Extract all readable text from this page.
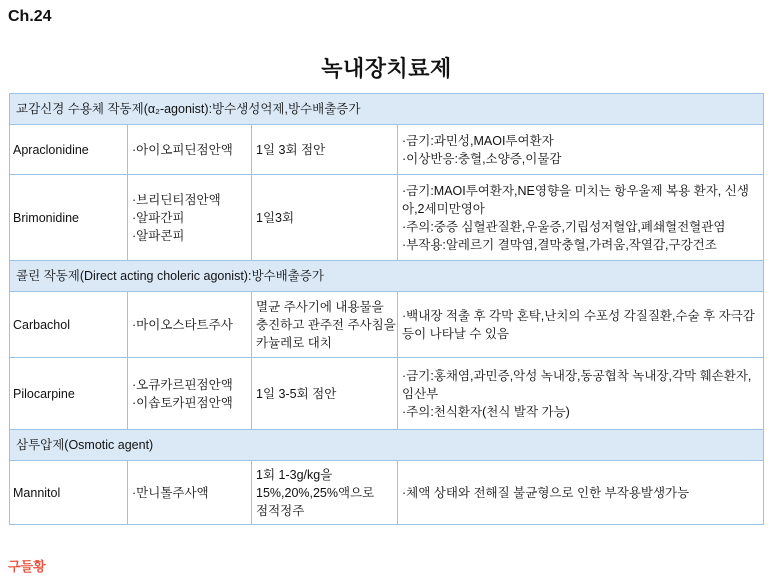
Ch.24
녹내장치료제
교감신경 수용체 작동제(α₂-agonist):방수생성억제,방수배출증가			
Apraclonidine	·아이오피딘점안액	1일 3회 점안	·금기:과민성,MAOI투여환자
·이상반응:충혈,소양증,이물감

Brimonidine	·브리딘티점안액
·알파간피
·알파콘피	1일3회	·금기:MAOI투여환자,NE영향을 미치는 항우울제 복용 환자, 신생아,2세미만영아
·주의:중증 심혈관질환,우울증,기립성저혈압,폐쇄혈전혈관염
·부작용:알레르기 결막염,결막충혈,가려움,작열감,구강건조

콜린 작동제(Direct acting choleric agonist):방수배출증가			
Carbachol	·마이오스타트주사	멸균 주사기에 내용물을
충진하고 관주전 주사침을
카뉼레로 대치	·백내장 적출 후 각막 혼탁,난치의 수포성 각질질환,수술 후 자극감등이 나타날 수 있음

Pilocarpine	·오큐카르핀점안액
·이솝토카핀점안액	1일 3-5회 점안	·금기:홍채염,과민증,악성 녹내장,동공협착 녹내장,각막 훼손환자,임산부
·주의:천식환자(천식 발작 가능)

삼투압제(Osmotic agent)			
Mannitol	·만니톨주사액	1회 1-3g/kg을
15%,20%,25%액으로
점적정주	·체액 상태와 전해질 불균형으로 인한 부작용발생가능
구들황
